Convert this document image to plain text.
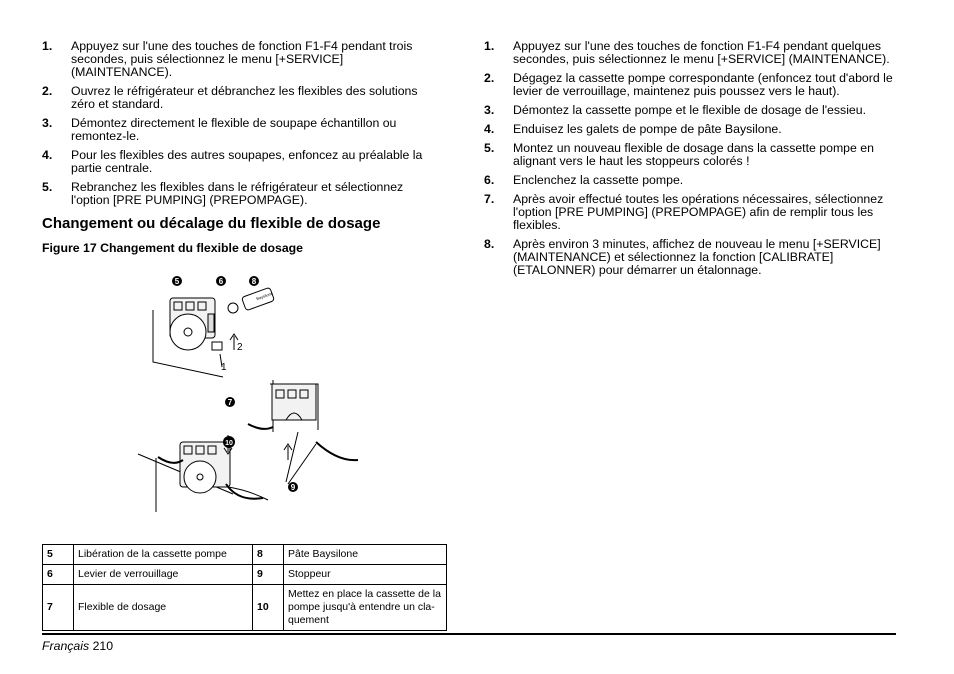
1. Appuyez sur l'une des touches de fonction F1-F4 pendant trois secondes, puis sélectionnez le menu [+SERVICE] (MAINTENANCE).
2. Ouvrez le réfrigérateur et débranchez les flexibles des solutions zéro et standard.
3. Démontez directement le flexible de soupape échantillon ou remontez-le.
4. Pour les flexibles des autres soupapes, enfoncez au préalable la partie centrale.
5. Rebranchez les flexibles dans le réfrigérateur et sélectionnez l'option [PRE PUMPING] (PREPOMPAGE).
Changement ou décalage du flexible de dosage
Figure 17 Changement du flexible de dosage
5	6	8
7
10
9
2
1
Baysilone
5	Libération de la cassette pompe	8	Pâte Baysilone
6	Levier de verrouillage	9	Stoppeur
7	Flexible de dosage	10	Mettez en place la cassette de la pompe jusqu'à entendre un cla- quement
1. Appuyez sur l'une des touches de fonction F1-F4 pendant quelques secondes, puis sélectionnez le menu [+SERVICE] (MAINTENANCE).
2. Dégagez la cassette pompe correspondante (enfoncez tout d'abord le levier de verrouillage, maintenez puis poussez vers le haut).
3. Démontez la cassette pompe et le flexible de dosage de l'essieu.
4. Enduisez les galets de pompe de pâte Baysilone.
5. Montez un nouveau flexible de dosage dans la cassette pompe en alignant vers le haut les stoppeurs colorés !
6. Enclenchez la cassette pompe.
7. Après avoir effectué toutes les opérations nécessaires, sélectionnez l'option [PRE PUMPING] (PREPOMPAGE) afin de remplir tous les flexibles.
8. Après environ 3 minutes, affichez de nouveau le menu [+SERVICE] (MAINTENANCE) et sélectionnez la fonction [CALIBRATE] (ETALONNER) pour démarrer un étalonnage.
Français 210
